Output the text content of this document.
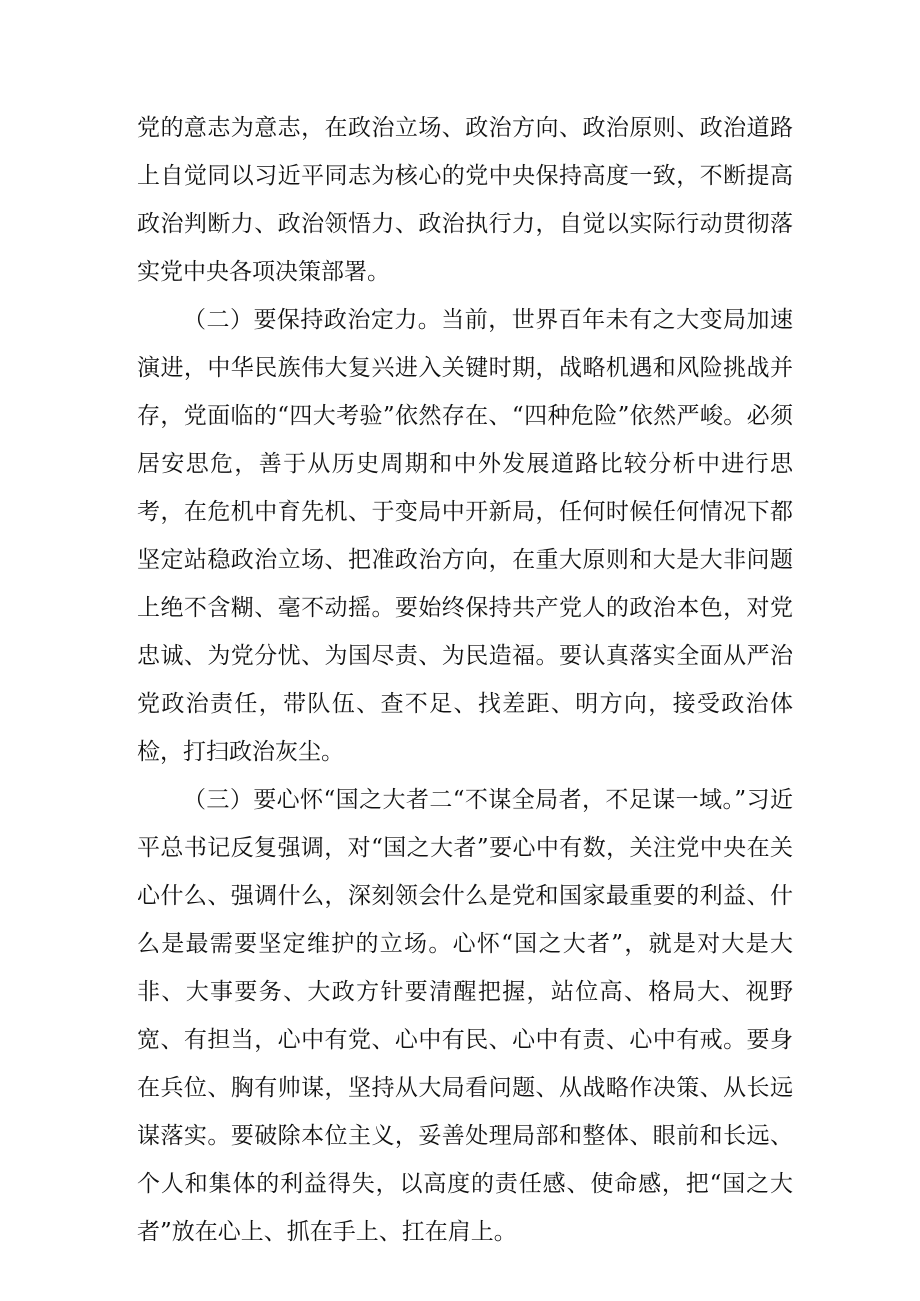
党的意志为意志，在政治立场、政治方向、政治原则、政治道路上自觉同以习近平同志为核心的党中央保持高度一致，不断提高政治判断力、政治领悟力、政治执行力，自觉以实际行动贯彻落实党中央各项决策部署。

（二）要保持政治定力。当前，世界百年未有之大变局加速演进，中华民族伟大复兴进入关键时期，战略机遇和风险挑战并存，党面临的“四大考验”依然存在、“四种危险”依然严峻。必须居安思危，善于从历史周期和中外发展道路比较分析中进行思考，在危机中育先机、于变局中开新局，任何时候任何情况下都坚定站稳政治立场、把准政治方向，在重大原则和大是大非问题上绝不含糊、毫不动摇。要始终保持共产党人的政治本色，对党忠诚、为党分忧、为国尽责、为民造福。要认真落实全面从严治党政治责任，带队伍、查不足、找差距、明方向，接受政治体检，打扫政治灰尘。

（三）要心怀“国之大者二“不谋全局者，不足谋一域。”习近平总书记反复强调，对“国之大者”要心中有数，关注党中央在关心什么、强调什么，深刻领会什么是党和国家最重要的利益、什么是最需要坚定维护的立场。心怀“国之大者”，就是对大是大非、大事要务、大政方针要清醒把握，站位高、格局大、视野宽、有担当，心中有党、心中有民、心中有责、心中有戒。要身在兵位、胸有帅谋，坚持从大局看问题、从战略作决策、从长远谋落实。要破除本位主义，妥善处理局部和整体、眼前和长远、个人和集体的利益得失，以高度的责任感、使命感，把“国之大者”放在心上、抓在手上、扛在肩上。
